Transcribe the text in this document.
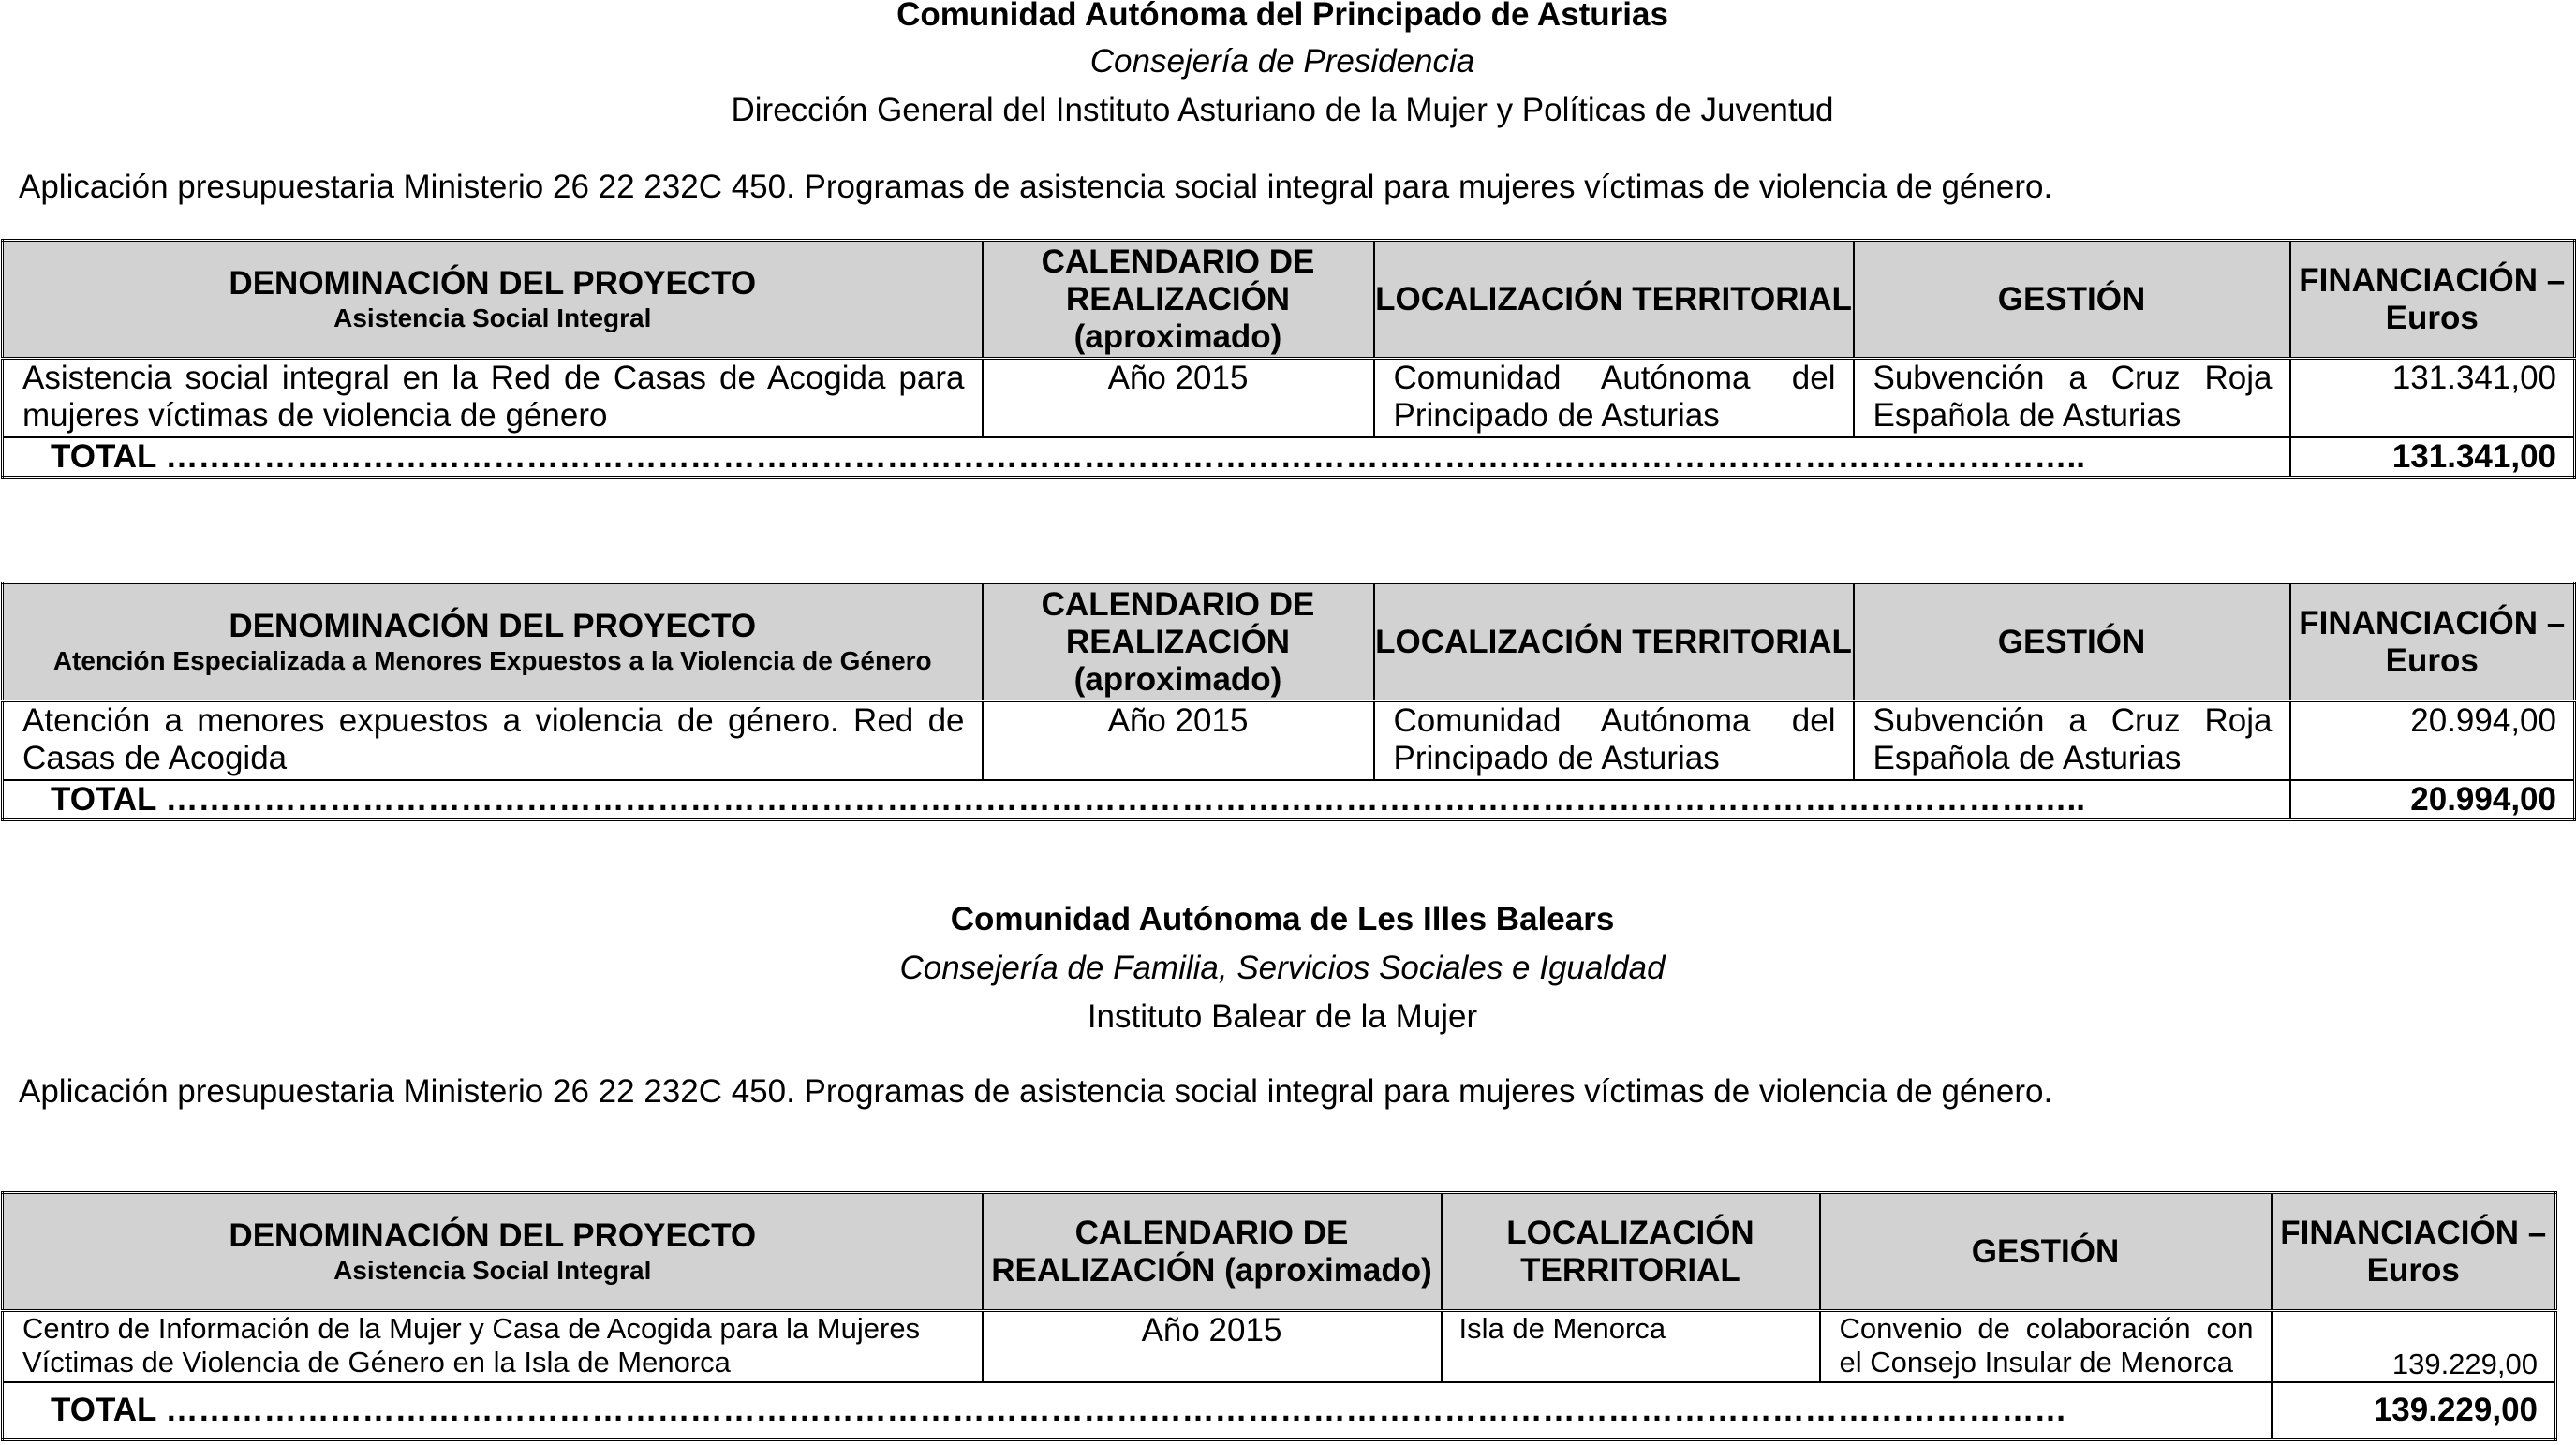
Comunidad Autónoma del Principado de Asturias
Consejería de Presidencia
Dirección General del Instituto Asturiano de la Mujer y Políticas de Juventud
Aplicación presupuestaria Ministerio 26 22 232C 450. Programas de asistencia social integral para mujeres víctimas de violencia de género.
DENOMINACIÓN DEL PROYECTO
Asistencia Social Integral	CALENDARIO DE REALIZACIÓN (aproximado)	LOCALIZACIÓN TERRITORIAL	GESTIÓN	FINANCIACIÓN – Euros
Asistencia social integral en la Red de Casas de Acogida para mujeres víctimas de violencia de género	Año 2015	Comunidad Autónoma del Principado de Asturias	Subvención a Cruz Roja Española de Asturias	131.341,00
TOTAL …………………………………………………………………………………………………………………………………………………………..				131.341,00
DENOMINACIÓN DEL PROYECTO
Atención Especializada a Menores Expuestos a la Violencia de Género	CALENDARIO DE REALIZACIÓN (aproximado)	LOCALIZACIÓN TERRITORIAL	GESTIÓN	FINANCIACIÓN – Euros
Atención a menores expuestos a violencia de género. Red de Casas de Acogida	Año 2015	Comunidad Autónoma del Principado de Asturias	Subvención a Cruz Roja Española de Asturias	20.994,00
TOTAL …………………………………………………………………………………………………………………………………………………………..				20.994,00
Comunidad Autónoma de Les Illes Balears
Consejería de Familia, Servicios Sociales e Igualdad
Instituto Balear de la Mujer
Aplicación presupuestaria Ministerio 26 22 232C 450. Programas de asistencia social integral para mujeres víctimas de violencia de género.
DENOMINACIÓN DEL PROYECTO
Asistencia Social Integral	CALENDARIO DE REALIZACIÓN (aproximado)	LOCALIZACIÓN TERRITORIAL	GESTIÓN	FINANCIACIÓN – Euros
Centro de Información de la Mujer y Casa de Acogida para la Mujeres Víctimas de Violencia de Género en la Isla de Menorca	Año 2015	Isla de Menorca	Convenio de colaboración con el Consejo Insular de Menorca	139.229,00
TOTAL …………………………………………………………………………………………………………………………………………………………				139.229,00
